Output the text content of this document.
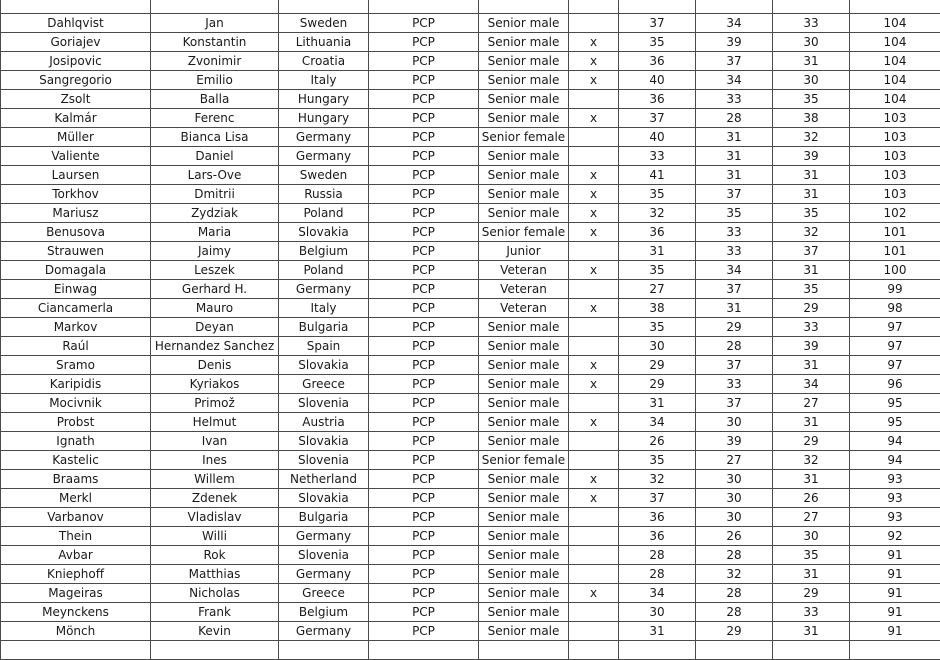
Dahlqvist	Jan	Sweden	PCP	Senior male		37	34	33	104
Goriajev	Konstantin	Lithuania	PCP	Senior male	x	35	39	30	104
Josipovic	Zvonimir	Croatia	PCP	Senior male	x	36	37	31	104
Sangregorio	Emilio	Italy	PCP	Senior male	x	40	34	30	104
Zsolt	Balla	Hungary	PCP	Senior male		36	33	35	104
Kalmár	Ferenc	Hungary	PCP	Senior male	x	37	28	38	103
Müller	Bianca Lisa	Germany	PCP	Senior female		40	31	32	103
Valiente	Daniel	Germany	PCP	Senior male		33	31	39	103
Laursen	Lars-Ove	Sweden	PCP	Senior male	x	41	31	31	103
Torkhov	Dmitrii	Russia	PCP	Senior male	x	35	37	31	103
Mariusz	Zydziak	Poland	PCP	Senior male	x	32	35	35	102
Benusova	Maria	Slovakia	PCP	Senior female	x	36	33	32	101
Strauwen	Jaimy	Belgium	PCP	Junior		31	33	37	101
Domagala	Leszek	Poland	PCP	Veteran	x	35	34	31	100
Einwag	Gerhard H.	Germany	PCP	Veteran		27	37	35	99
Ciancamerla	Mauro	Italy	PCP	Veteran	x	38	31	29	98
Markov	Deyan	Bulgaria	PCP	Senior male		35	29	33	97
Raúl	Hernandez Sanchez	Spain	PCP	Senior male		30	28	39	97
Sramo	Denis	Slovakia	PCP	Senior male	x	29	37	31	97
Karipidis	Kyriakos	Greece	PCP	Senior male	x	29	33	34	96
Mocivnik	Primož	Slovenia	PCP	Senior male		31	37	27	95
Probst	Helmut	Austria	PCP	Senior male	x	34	30	31	95
Ignath	Ivan	Slovakia	PCP	Senior male		26	39	29	94
Kastelic	Ines	Slovenia	PCP	Senior female		35	27	32	94
Braams	Willem	Netherland	PCP	Senior male	x	32	30	31	93
Merkl	Zdenek	Slovakia	PCP	Senior male	x	37	30	26	93
Varbanov	Vladislav	Bulgaria	PCP	Senior male		36	30	27	93
Thein	Willi	Germany	PCP	Senior male		36	26	30	92
Avbar	Rok	Slovenia	PCP	Senior male		28	28	35	91
Kniephoff	Matthias	Germany	PCP	Senior male		28	32	31	91
Mageiras	Nicholas	Greece	PCP	Senior male	x	34	28	29	91
Meynckens	Frank	Belgium	PCP	Senior male		30	28	33	91
Mönch	Kevin	Germany	PCP	Senior male		31	29	31	91
